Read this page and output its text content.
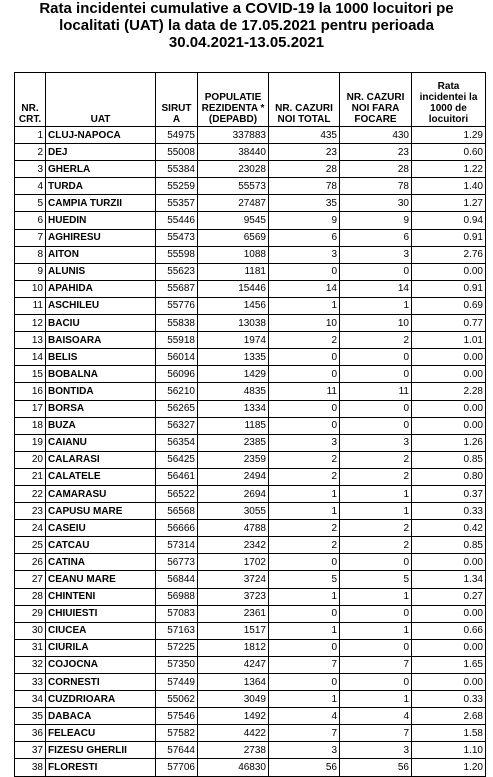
Rata incidentei cumulative a COVID-19 la 1000 locuitori pe
localitati (UAT) la data de 17.05.2021 pentru perioada
30.04.2021-13.05.2021
NR. CRT.	UAT	SIRUT A	POPULATIE REZIDENTA * (DEPABD)	NR. CAZURI NOI TOTAL	NR. CAZURI NOI FARA FOCARE	Rata incidentei la 1000 de locuitori
1	CLUJ-NAPOCA	54975	337883	435	430	1.29
2	DEJ	55008	38440	23	23	0.60
3	GHERLA	55384	23028	28	28	1.22
4	TURDA	55259	55573	78	78	1.40
5	CAMPIA TURZII	55357	27487	35	30	1.27
6	HUEDIN	55446	9545	9	9	0.94
7	AGHIRESU	55473	6569	6	6	0.91
8	AITON	55598	1088	3	3	2.76
9	ALUNIS	55623	1181	0	0	0.00
10	APAHIDA	55687	15446	14	14	0.91
11	ASCHILEU	55776	1456	1	1	0.69
12	BACIU	55838	13038	10	10	0.77
13	BAISOARA	55918	1974	2	2	1.01
14	BELIS	56014	1335	0	0	0.00
15	BOBALNA	56096	1429	0	0	0.00
16	BONTIDA	56210	4835	11	11	2.28
17	BORSA	56265	1334	0	0	0.00
18	BUZA	56327	1185	0	0	0.00
19	CAIANU	56354	2385	3	3	1.26
20	CALARASI	56425	2359	2	2	0.85
21	CALATELE	56461	2494	2	2	0.80
22	CAMARASU	56522	2694	1	1	0.37
23	CAPUSU MARE	56568	3055	1	1	0.33
24	CASEIU	56666	4788	2	2	0.42
25	CATCAU	57314	2342	2	2	0.85
26	CATINA	56773	1702	0	0	0.00
27	CEANU MARE	56844	3724	5	5	1.34
28	CHINTENI	56988	3723	1	1	0.27
29	CHIUIESTI	57083	2361	0	0	0.00
30	CIUCEA	57163	1517	1	1	0.66
31	CIURILA	57225	1812	0	0	0.00
32	COJOCNA	57350	4247	7	7	1.65
33	CORNESTI	57449	1364	0	0	0.00
34	CUZDRIOARA	55062	3049	1	1	0.33
35	DABACA	57546	1492	4	4	2.68
36	FELEACU	57582	4422	7	7	1.58
37	FIZESU GHERLII	57644	2738	3	3	1.10
38	FLORESTI	57706	46830	56	56	1.20
